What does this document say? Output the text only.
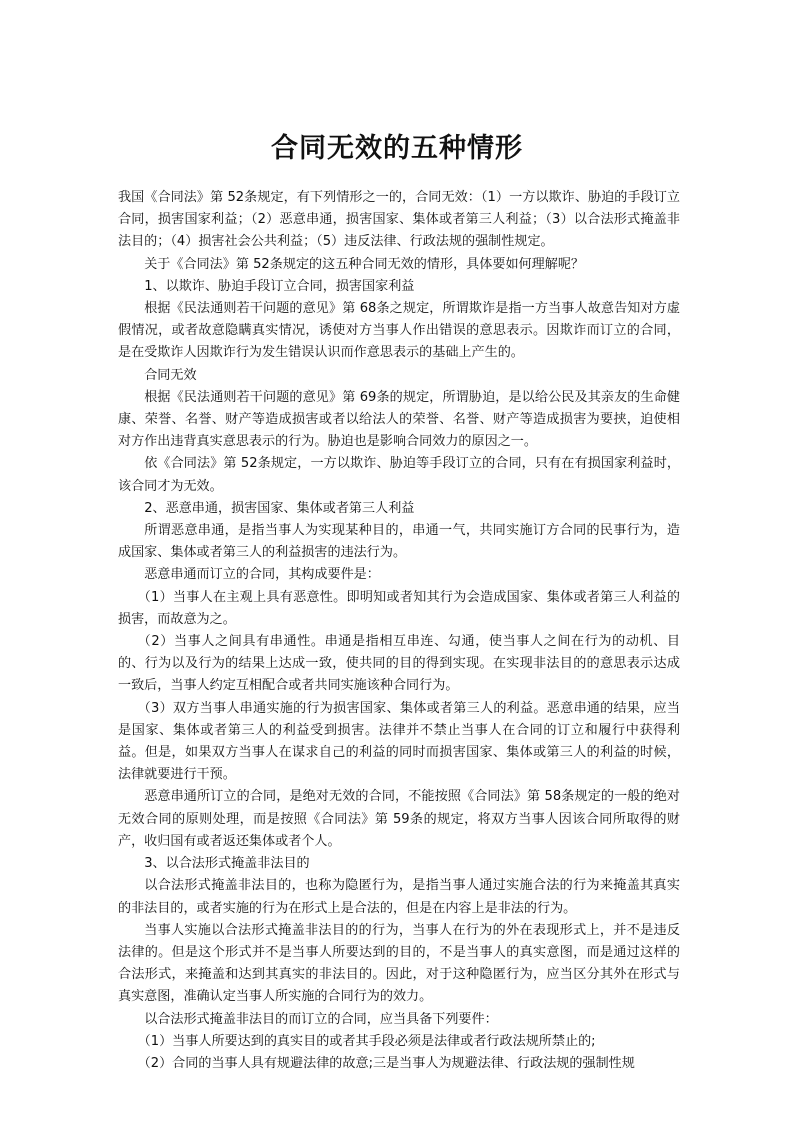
合同无效的五种情形

我国《合同法》第 52条规定，有下列情形之一的，合同无效：（1）一方以欺诈、胁迫的手段订立合同，损害国家利益；（2）恶意串通，损害国家、集体或者第三人利益；（3）以合法形式掩盖非法目的；（4）损害社会公共利益；（5）违反法律、行政法规的强制性规定。

关于《合同法》第 52条规定的这五种合同无效的情形，具体要如何理解呢？

1、以欺诈、胁迫手段订立合同，损害国家利益

根据《民法通则若干问题的意见》第 68条之规定，所谓欺诈是指一方当事人故意告知对方虚假情况，或者故意隐瞒真实情况，诱使对方当事人作出错误的意思表示。因欺诈而订立的合同，是在受欺诈人因欺诈行为发生错误认识而作意思表示的基础上产生的。

合同无效

根据《民法通则若干问题的意见》第 69条的规定，所谓胁迫，是以给公民及其亲友的生命健康、荣誉、名誉、财产等造成损害或者以给法人的荣誉、名誉、财产等造成损害为要挟，迫使相对方作出违背真实意思表示的行为。胁迫也是影响合同效力的原因之一。

依《合同法》第 52条规定，一方以欺诈、胁迫等手段订立的合同，只有在有损国家利益时，该合同才为无效。

2、恶意串通，损害国家、集体或者第三人利益

所谓恶意串通，是指当事人为实现某种目的，串通一气，共同实施订方合同的民事行为，造成国家、集体或者第三人的利益损害的违法行为。

恶意串通而订立的合同，其构成要件是：

（1）当事人在主观上具有恶意性。即明知或者知其行为会造成国家、集体或者第三人利益的损害，而故意为之。

（2）当事人之间具有串通性。串通是指相互串连、勾通，使当事人之间在行为的动机、目的、行为以及行为的结果上达成一致，使共同的目的得到实现。在实现非法目的的意思表示达成一致后，当事人约定互相配合或者共同实施该种合同行为。

（3）双方当事人串通实施的行为损害国家、集体或者第三人的利益。恶意串通的结果，应当是国家、集体或者第三人的利益受到损害。法律并不禁止当事人在合同的订立和履行中获得利益。但是，如果双方当事人在谋求自己的利益的同时而损害国家、集体或第三人的利益的时候，法律就要进行干预。

恶意串通所订立的合同，是绝对无效的合同，不能按照《合同法》第 58条规定的一般的绝对无效合同的原则处理，而是按照《合同法》第 59条的规定，将双方当事人因该合同所取得的财产，收归国有或者返还集体或者个人。

3、以合法形式掩盖非法目的

以合法形式掩盖非法目的，也称为隐匿行为，是指当事人通过实施合法的行为来掩盖其真实的非法目的，或者实施的行为在形式上是合法的，但是在内容上是非法的行为。

当事人实施以合法形式掩盖非法目的的行为，当事人在行为的外在表现形式上，并不是违反法律的。但是这个形式并不是当事人所要达到的目的，不是当事人的真实意图，而是通过这样的合法形式，来掩盖和达到其真实的非法目的。因此，对于这种隐匿行为，应当区分其外在形式与真实意图，准确认定当事人所实施的合同行为的效力。

以合法形式掩盖非法目的而订立的合同，应当具备下列要件：

（1）当事人所要达到的真实目的或者其手段必须是法律或者行政法规所禁止的;

（2）合同的当事人具有规避法律的故意;三是当事人为规避法律、行政法规的强制性规
